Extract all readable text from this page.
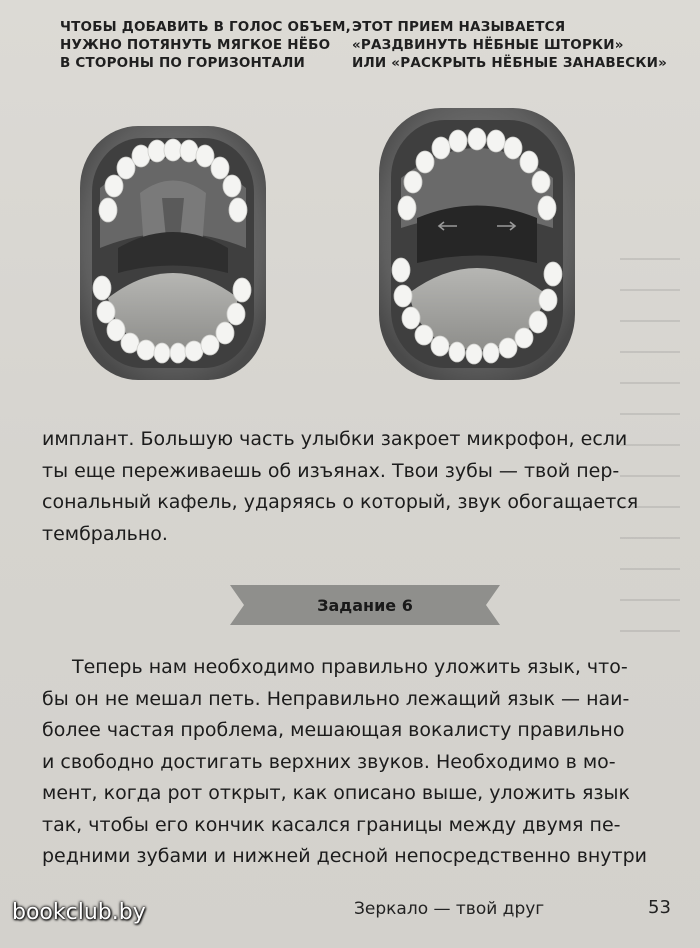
ЧТОБЫ ДОБАВИТЬ В ГОЛОС ОБЪЕМ,
НУЖНО ПОТЯНУТЬ МЯГКОЕ НЁБО
В СТОРОНЫ ПО ГОРИЗОНТАЛИ
ЭТОТ ПРИЕМ НАЗЫВАЕТСЯ
«РАЗДВИНУТЬ НЁБНЫЕ ШТОРКИ»
ИЛИ «РАСКРЫТЬ НЁБНЫЕ ЗАНАВЕСКИ»
имплант. Большую часть улыбки закроет микрофон, если
ты еще переживаешь об изъянах. Твои зубы — твой пер-
сональный кафель, ударяясь о который, звук обогащается
тембрально.
Задание 6
Теперь нам необходимо правильно уложить язык, что-
бы он не мешал петь. Неправильно лежащий язык — наи-
более частая проблема, мешающая вокалисту правильно
и свободно достигать верхних звуков. Необходимо в мо-
мент, когда рот открыт, как описано выше, уложить язык
так, чтобы его кончик касался границы между двумя пе-
редними зубами и нижней десной непосредственно внутри
Зеркало — твой друг	53
bookclub.by
